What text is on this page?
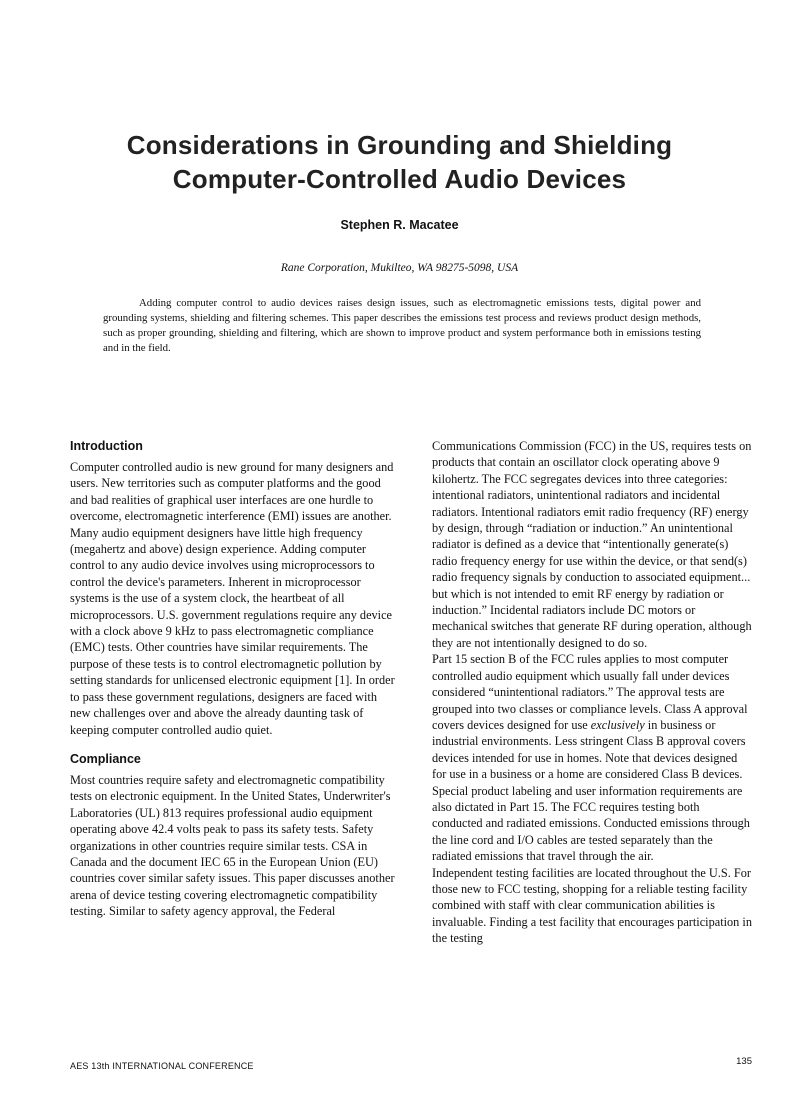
Considerations in Grounding and Shielding
Computer-Controlled Audio Devices
Stephen R. Macatee
Rane Corporation, Mukilteo, WA 98275-5098, USA

Adding computer control to audio devices raises design issues, such as electromagnetic emissions tests, digital power and grounding systems, shielding and filtering schemes. This paper describes the emissions test process and reviews product design methods, such as proper grounding, shielding and filtering, which are shown to improve product and system performance both in emissions testing and in the field.

Introduction

Computer controlled audio is new ground for many designers and users. New territories such as computer platforms and the good and bad realities of graphical user interfaces are one hurdle to overcome, electromagnetic interference (EMI) issues are another. Many audio equipment designers have little high frequency (megahertz and above) design experience. Adding computer control to any audio device involves using microprocessors to control the device's parameters. Inherent in microprocessor systems is the use of a system clock, the heartbeat of all microprocessors. U.S. government regulations require any device with a clock above 9 kHz to pass electromagnetic compliance (EMC) tests. Other countries have similar requirements. The purpose of these tests is to control electromagnetic pollution by setting standards for unlicensed electronic equipment [1]. In order to pass these government regulations, designers are faced with new challenges over and above the already daunting task of keeping computer controlled audio quiet.

Compliance

Most countries require safety and electromagnetic compatibility tests on electronic equipment. In the United States, Underwriter's Laboratories (UL) 813 requires professional audio equipment operating above 42.4 volts peak to pass its safety tests. Safety organizations in other countries require similar tests. CSA in Canada and the document IEC 65 in the European Union (EU) countries cover similar safety issues. This paper discusses another arena of device testing covering electromagnetic compatibility testing. Similar to safety agency approval, the Federal

Communications Commission (FCC) in the US, requires tests on products that contain an oscillator clock operating above 9 kilohertz. The FCC segregates devices into three categories: intentional radiators, unintentional radiators and incidental radiators. Intentional radiators emit radio frequency (RF) energy by design, through “radiation or induction.” An unintentional radiator is defined as a device that “intentionally generate(s) radio frequency energy for use within the device, or that send(s) radio frequency signals by conduction to associated equipment... but which is not intended to emit RF energy by radiation or induction.” Incidental radiators include DC motors or mechanical switches that generate RF during operation, although they are not intentionally designed to do so.

Part 15 section B of the FCC rules applies to most computer controlled audio equipment which usually fall under devices considered “unintentional radiators.” The approval tests are grouped into two classes or compliance levels. Class A approval covers devices designed for use exclusively in business or industrial environments. Less stringent Class B approval covers devices intended for use in homes. Note that devices designed for use in a business or a home are considered Class B devices. Special product labeling and user information requirements are also dictated in Part 15. The FCC requires testing both conducted and radiated emissions. Conducted emissions through the line cord and I/O cables are tested separately than the radiated emissions that travel through the air.

Independent testing facilities are located throughout the U.S. For those new to FCC testing, shopping for a reliable testing facility combined with staff with clear communication abilities is invaluable. Finding a test facility that encourages participation in the testing

AES 13th INTERNATIONAL CONFERENCE	135
